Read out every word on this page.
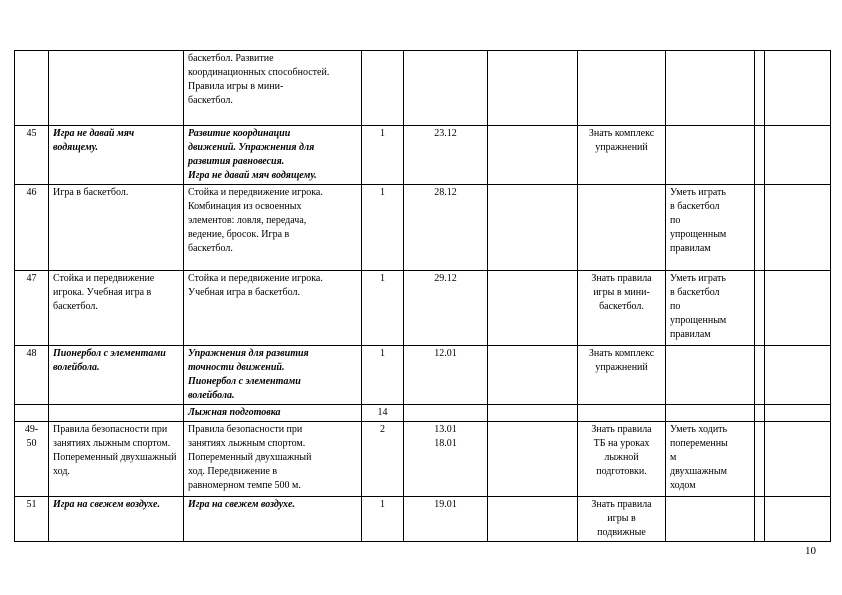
		баскетбол. Развитие
координационных способностей.
Правила игры в мини-
баскетбол.							

45	Игра не давай мяч водящему.	Развитие координации
движений. Упражнения для
развития равновесия.
Игра не давай мяч водящему.	1	23.12		Знать комплекс
упражнений			

46	Игра в баскетбол.	Стойка и передвижение игрока.
Комбинация из освоенных
элементов: ловля, передача,
ведение, бросок. Игра в
баскетбол.	1	28.12			Уметь играть
в баскетбол
по
упрощенным
правилам		

47	Стойка и передвижение игрока. Учебная игра в баскетбол.	Стойка и передвижение игрока.
Учебная игра в баскетбол.	1	29.12		Знать правила
игры в мини-
баскетбол.	Уметь играть
в баскетбол
по
упрощенным
правилам		

48	Пионербол с элементами волейбола.	Упражнения для развития
точности движений.
Пионербол с элементами
волейбола.	1	12.01		Знать комплекс
упражнений			

		Лыжная подготовка	14						
49-
50	Правила безопасности при занятиях лыжным спортом. Попеременный двухшажный ход.	Правила безопасности при
занятиях лыжным спортом.
Попеременный двухшажный
ход. Передвижение в
равномерном темпе 500 м.	2	13.01
18.01		Знать правила
ТБ на уроках
лыжной
подготовки.	Уметь ходить
попеременны
м
двухшажным
ходом		

51	Игра на свежем воздухе.	Игра на свежем воздухе.	1	19.01		Знать правила
игры в
подвижные			

10
